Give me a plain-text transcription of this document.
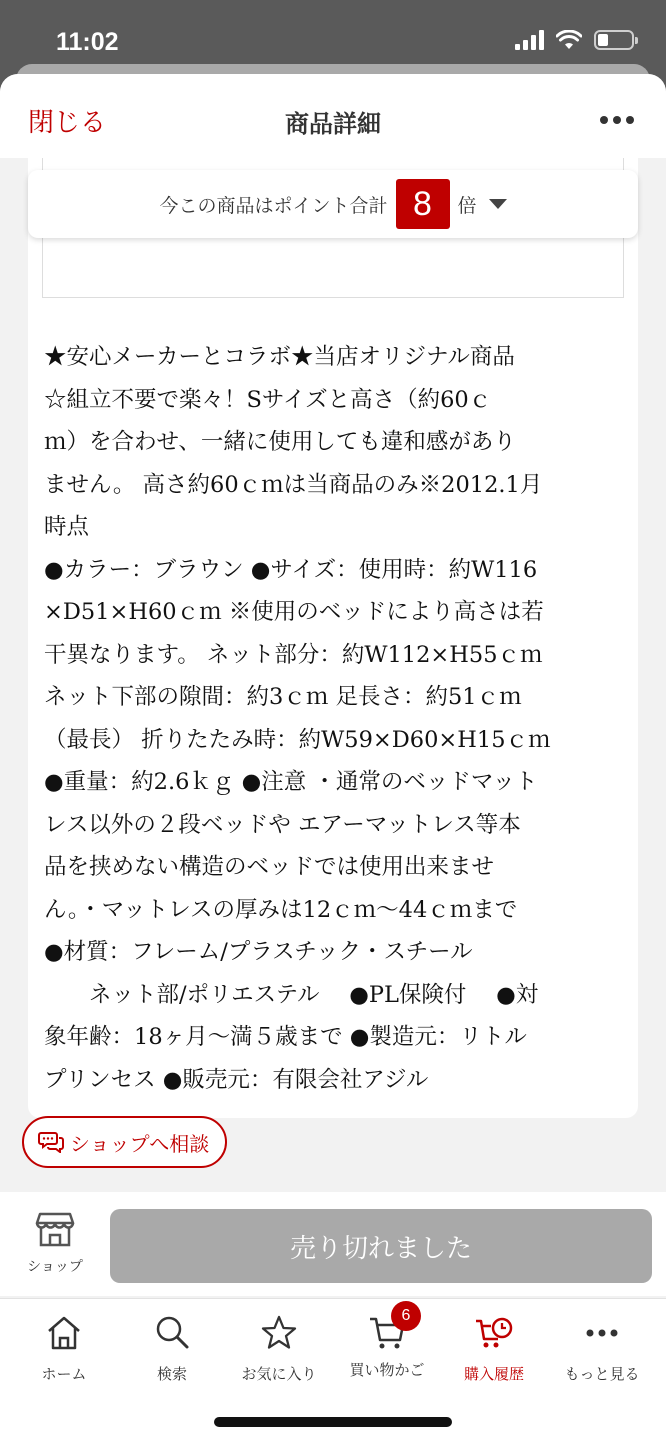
11:02
閉じる	商品詳細
今この商品はポイント合計 8	倍

★安心メーカーとコラボ★当店オリジナル商品

☆組立不要で楽々！Sサイズと高さ（約60ｃ

ｍ）を合わせ、一緒に使用しても違和感があり

ません。 高さ約60ｃｍは当商品のみ※2012.1月

時点

●カラー：ブラウン ●サイズ：使用時：約W116

×D51×H60ｃｍ ※使用のベッドにより高さは若

干異なります。 ネット部分：約W112×H55ｃｍ

ネット下部の隙間：約3ｃｍ 足長さ：約51ｃｍ

（最長） 折りたたみ時：約W59×D60×H15ｃｍ

●重量：約2.6ｋｇ ●注意 ・通常のベッドマット

レス以外の２段ベッドや エアーマットレス等本

品を挟めない構造のベッドでは使用出来ませ

ん。・マットレスの厚みは12ｃｍ〜44ｃｍまで

●材質：フレーム/プラスチック・スチール

　　ネット部/ポリエステル　 ●PL保険付　 ●対

象年齢：18ヶ月〜満５歳まで ●製造元：リトル

プリンセス ●販売元：有限会社アジル

ショップへ相談
ショップ
売り切れました
ホーム	検索	お気に入り
6
買い物かご	購入履歴	もっと見る
